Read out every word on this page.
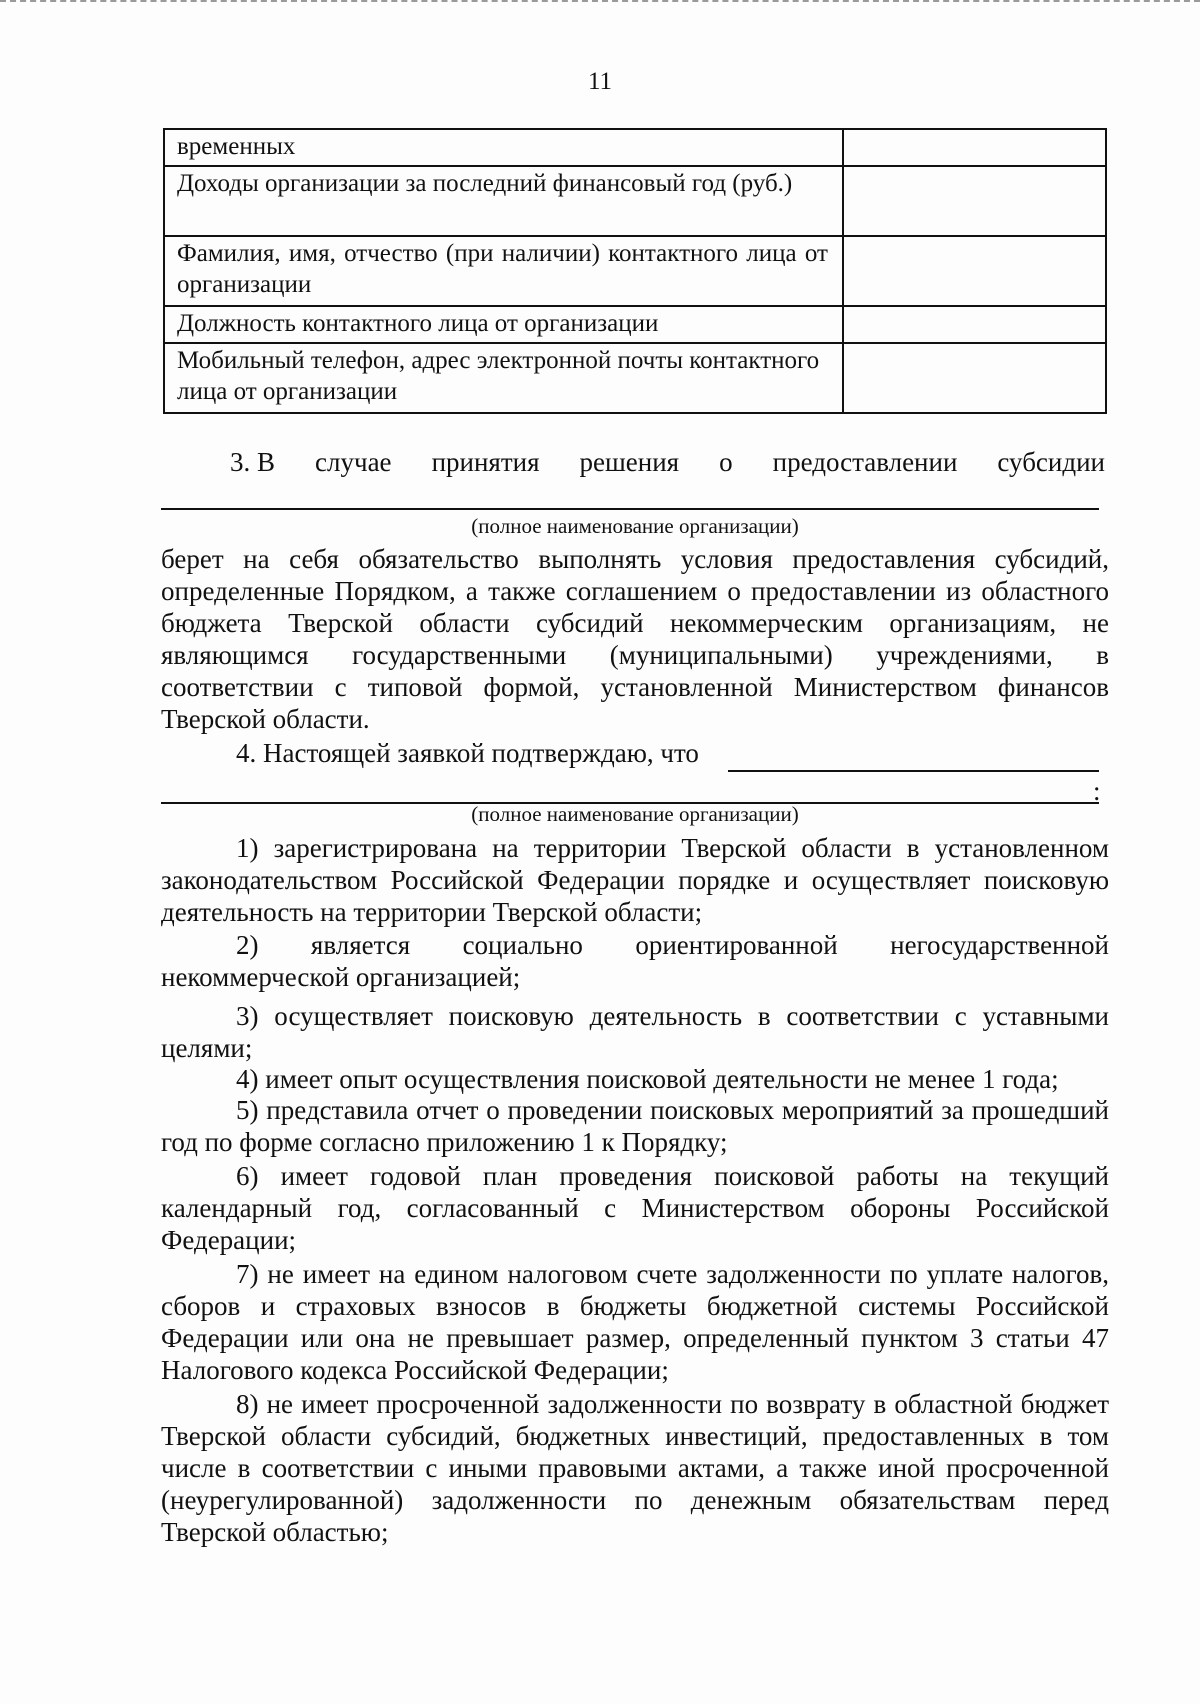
11
временных	
Доходы организации за последний финансовый год (руб.)	
Фамилия, имя, отчество (при наличии) контактного лица от организации	
Должность контактного лица от организации	
Мобильный телефон, адрес электронной почты контактного лица от организации	
3. В случае принятия решения о предоставлении субсидии
(полное наименование организации)
берет на себя обязательство выполнять условия предоставления субсидий, определенные Порядком, а также соглашением о предоставлении из областного бюджета Тверской области субсидий некоммерческим организациям, не являющимся государственными (муниципальными) учреждениями, в соответствии с типовой формой, установленной Министерством финансов Тверской области.
4. Настоящей заявкой подтверждаю, что
:
(полное наименование организации)
1) зарегистрирована на территории Тверской области в установленном законодательством Российской Федерации порядке и осуществляет поисковую деятельность на территории Тверской области;
2) является социально ориентированной негосударственной некоммерческой организацией;
3) осуществляет поисковую деятельность в соответствии с уставными целями;
4) имеет опыт осуществления поисковой деятельности не менее 1 года;
5) представила отчет о проведении поисковых мероприятий за прошедший год по форме согласно приложению 1 к Порядку;
6) имеет годовой план проведения поисковой работы на текущий календарный год, согласованный с Министерством обороны Российской Федерации;
7) не имеет на едином налоговом счете задолженности по уплате налогов, сборов и страховых взносов в бюджеты бюджетной системы Российской Федерации или она не превышает размер, определенный пунктом 3 статьи 47 Налогового кодекса Российской Федерации;
8) не имеет просроченной задолженности по возврату в областной бюджет Тверской области субсидий, бюджетных инвестиций, предоставленных в том числе в соответствии с иными правовыми актами, а также иной просроченной (неурегулированной) задолженности по денежным обязательствам перед Тверской областью;
